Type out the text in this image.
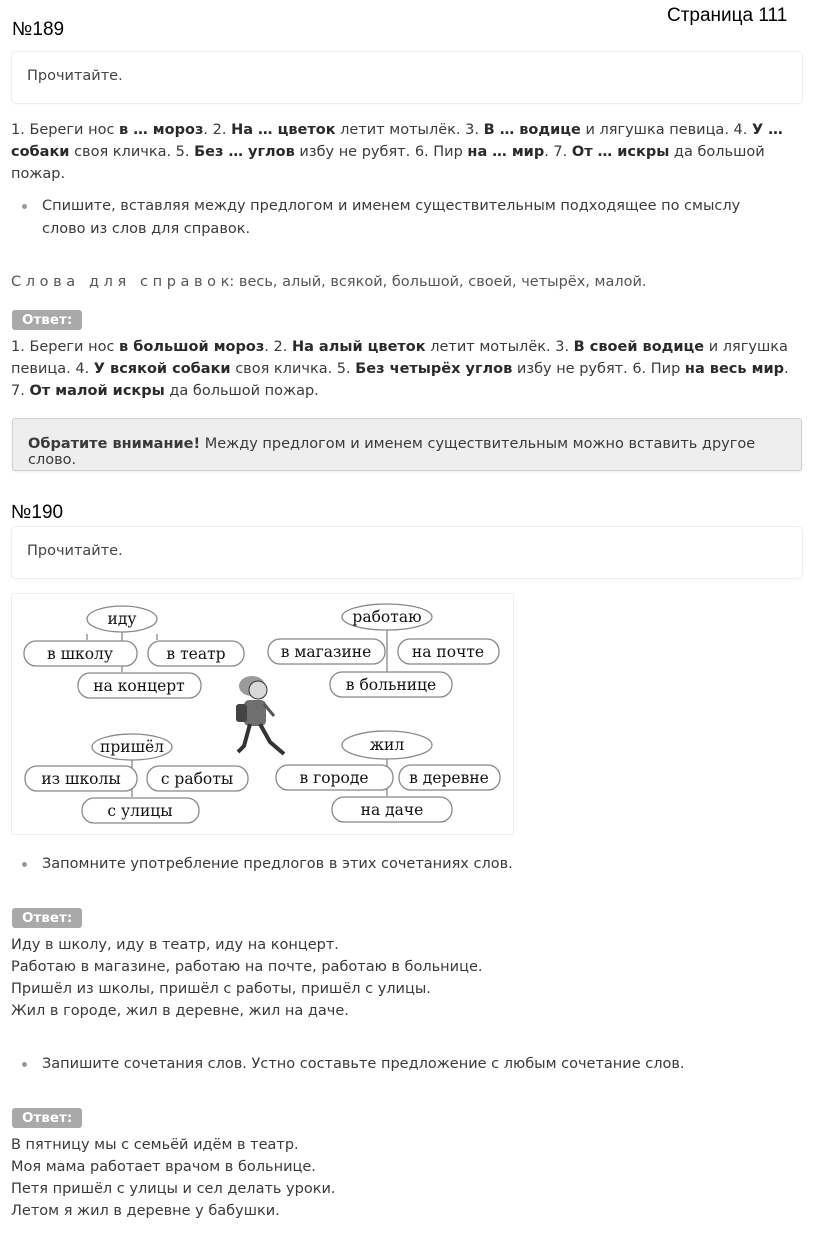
Страница 111
№189
Прочитайте.
1. Береги нос в … мороз. 2. На … цветок летит мотылёк. 3. В … водице и лягушка певица. 4. У … собаки своя кличка. 5. Без … углов избу не рубят. 6. Пир на … мир. 7. От … искры да большой пожар.
Спишите, вставляя между предлогом и именем существительным подходящее по смыслу слово из слов для справок.
С л о в а   д л я   с п р а в о к: весь, алый, всякой, большой, своей, четырёх, малой.
Ответ:
1. Береги нос в большой мороз. 2. На алый цветок летит мотылёк. 3. В своей водице и лягушка певица. 4. У всякой собаки своя кличка. 5. Без четырёх углов избу не рубят. 6. Пир на весь мир. 7. От малой искры да большой пожар.
Обратите внимание! Между предлогом и именем существительным можно вставить другое слово.
№190
Прочитайте.
иду
в школу	в театр
на концерт
работаю
в магазине	на почте
в больнице
пришёл
из школы	с работы
с улицы
жил
в городе	в деревне
на даче
Запомните употребление предлогов в этих сочетаниях слов.
Ответ:
Иду в школу, иду в театр, иду на концерт.
Работаю в магазине, работаю на почте, работаю в больнице.
Пришёл из школы, пришёл с работы, пришёл с улицы.
Жил в городе, жил в деревне, жил на даче.
Запишите сочетания слов. Устно составьте предложение с любым сочетание слов.
Ответ:
В пятницу мы с семьёй идём в театр.
Моя мама работает врачом в больнице.
Петя пришёл с улицы и сел делать уроки.
Летом я жил в деревне у бабушки.
